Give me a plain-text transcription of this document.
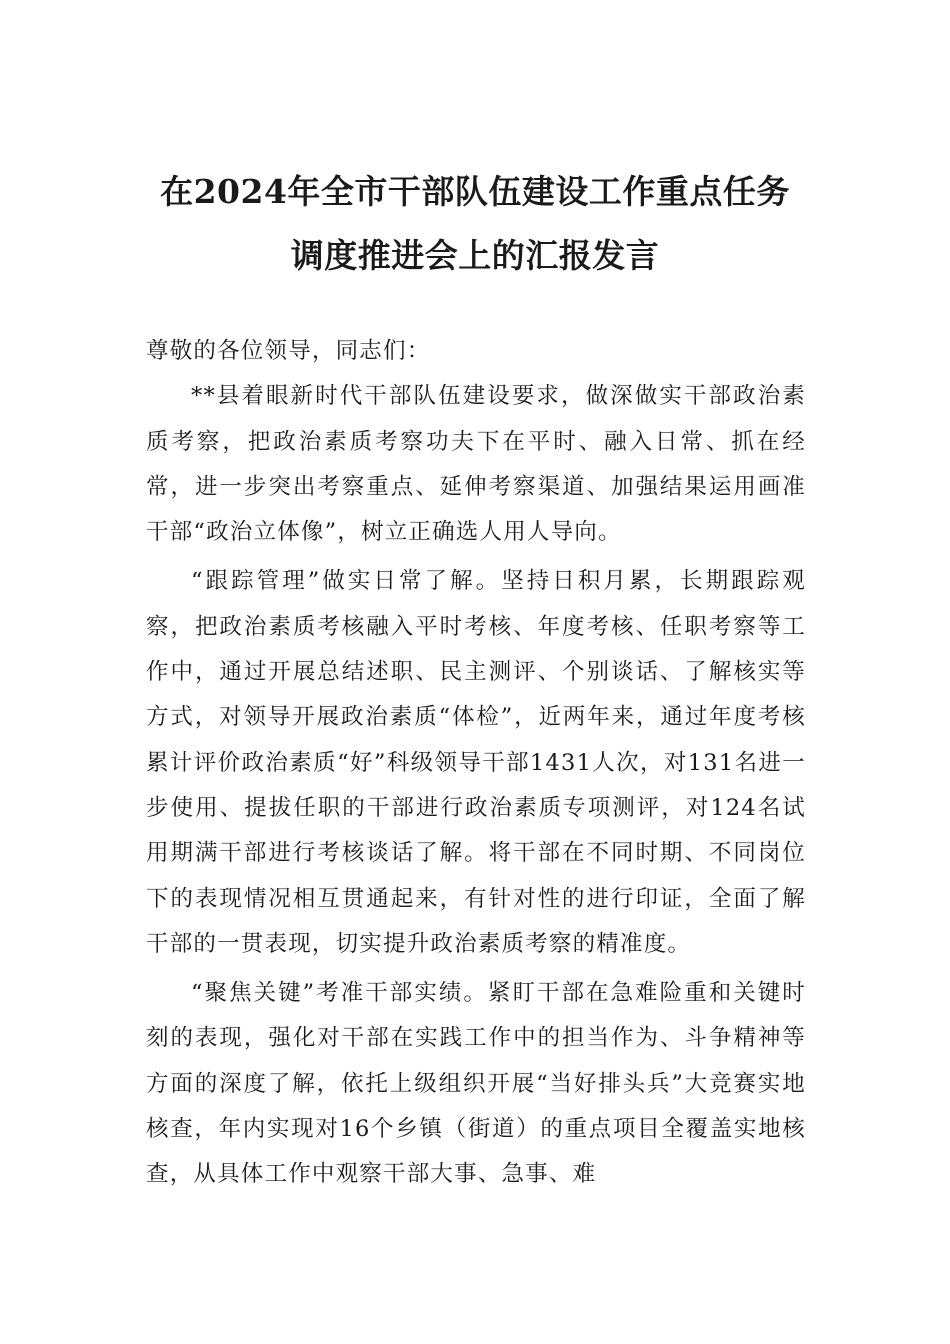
在2024年全市干部队伍建设工作重点任务
调度推进会上的汇报发言

尊敬的各位领导，同志们：

**县着眼新时代干部队伍建设要求，做深做实干部政治素质考察，把政治素质考察功夫下在平时、融入日常、抓在经常，进一步突出考察重点、延伸考察渠道、加强结果运用画准干部“政治立体像”，树立正确选人用人导向。

“跟踪管理”做实日常了解。坚持日积月累，长期跟踪观察，把政治素质考核融入平时考核、年度考核、任职考察等工作中，通过开展总结述职、民主测评、个别谈话、了解核实等方式，对领导开展政治素质“体检”，近两年来，通过年度考核累计评价政治素质“好”科级领导干部1431人次，对131名进一步使用、提拔任职的干部进行政治素质专项测评，对124名试用期满干部进行考核谈话了解。将干部在不同时期、不同岗位下的表现情况相互贯通起来，有针对性的进行印证，全面了解干部的一贯表现，切实提升政治素质考察的精准度。

“聚焦关键”考准干部实绩。紧盯干部在急难险重和关键时刻的表现，强化对干部在实践工作中的担当作为、斗争精神等方面的深度了解，依托上级组织开展“当好排头兵”大竞赛实地核查，年内实现对16个乡镇（街道）的重点项目全覆盖实地核查，从具体工作中观察干部大事、急事、难
